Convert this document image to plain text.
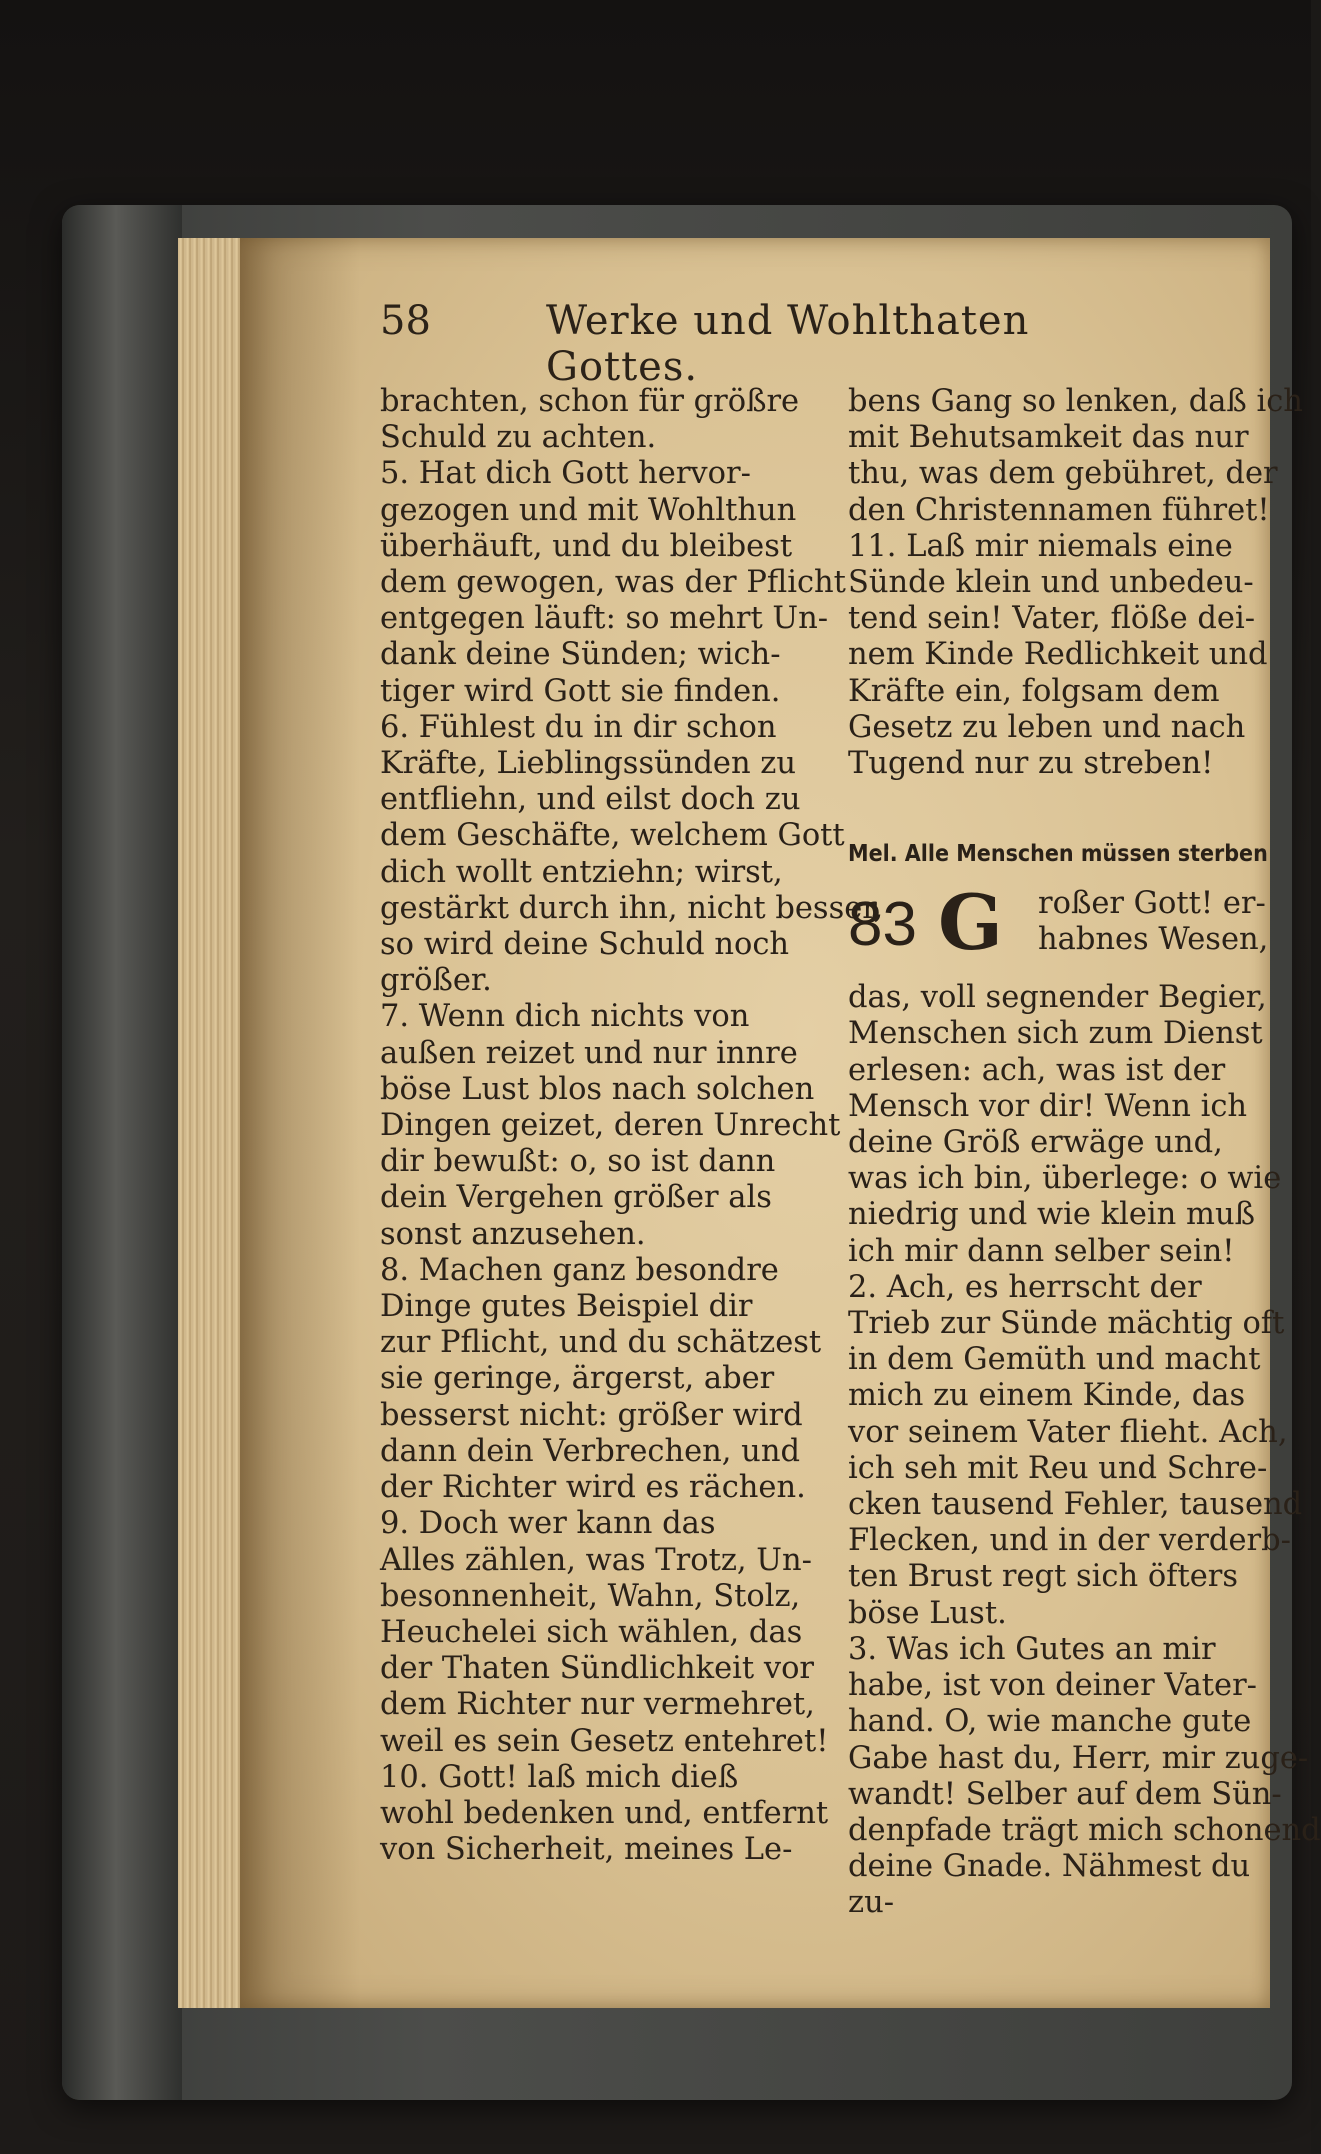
58	Werke und Wohlthaten Gottes.
brachten, schon für größre
Schuld zu achten.
5. Hat dich Gott hervor-
gezogen und mit Wohlthun
überhäuft, und du bleibest
dem gewogen, was der Pflicht
entgegen läuft: so mehrt Un-
dank deine Sünden; wich-
tiger wird Gott sie finden.
6. Fühlest du in dir schon
Kräfte, Lieblingssünden zu
entfliehn, und eilst doch zu
dem Geschäfte, welchem Gott
dich wollt entziehn; wirst,
gestärkt durch ihn, nicht besser,
so wird deine Schuld noch
größer.
7. Wenn dich nichts von
außen reizet und nur innre
böse Lust blos nach solchen
Dingen geizet, deren Unrecht
dir bewußt: o, so ist dann
dein Vergehen größer als
sonst anzusehen.
8. Machen ganz besondre
Dinge gutes Beispiel dir
zur Pflicht, und du schätzest
sie geringe, ärgerst, aber
besserst nicht: größer wird
dann dein Verbrechen, und
der Richter wird es rächen.
9. Doch wer kann das
Alles zählen, was Trotz, Un-
besonnenheit, Wahn, Stolz,
Heuchelei sich wählen, das
der Thaten Sündlichkeit vor
dem Richter nur vermehret,
weil es sein Gesetz entehret!
10. Gott! laß mich dieß
wohl bedenken und, entfernt
von Sicherheit, meines Le-
bens Gang so lenken, daß ich
mit Behutsamkeit das nur
thu, was dem gebühret, der
den Christennamen führet!
11. Laß mir niemals eine
Sünde klein und unbedeu-
tend sein! Vater, flöße dei-
nem Kinde Redlichkeit und
Kräfte ein, folgsam dem
Gesetz zu leben und nach
Tugend nur zu streben!
Mel. Alle Menschen müssen sterben
83 G roßer Gott! er-
habnes Wesen,
das, voll segnender Begier,
Menschen sich zum Dienst
erlesen: ach, was ist der
Mensch vor dir! Wenn ich
deine Größ erwäge und,
was ich bin, überlege: o wie
niedrig und wie klein muß
ich mir dann selber sein!
2. Ach, es herrscht der
Trieb zur Sünde mächtig oft
in dem Gemüth und macht
mich zu einem Kinde, das
vor seinem Vater flieht. Ach,
ich seh mit Reu und Schre-
cken tausend Fehler, tausend
Flecken, und in der verderb-
ten Brust regt sich öfters
böse Lust.
3. Was ich Gutes an mir
habe, ist von deiner Vater-
hand. O, wie manche gute
Gabe hast du, Herr, mir zuge-
wandt! Selber auf dem Sün-
denpfade trägt mich schonend
deine Gnade. Nähmest du
zu-
